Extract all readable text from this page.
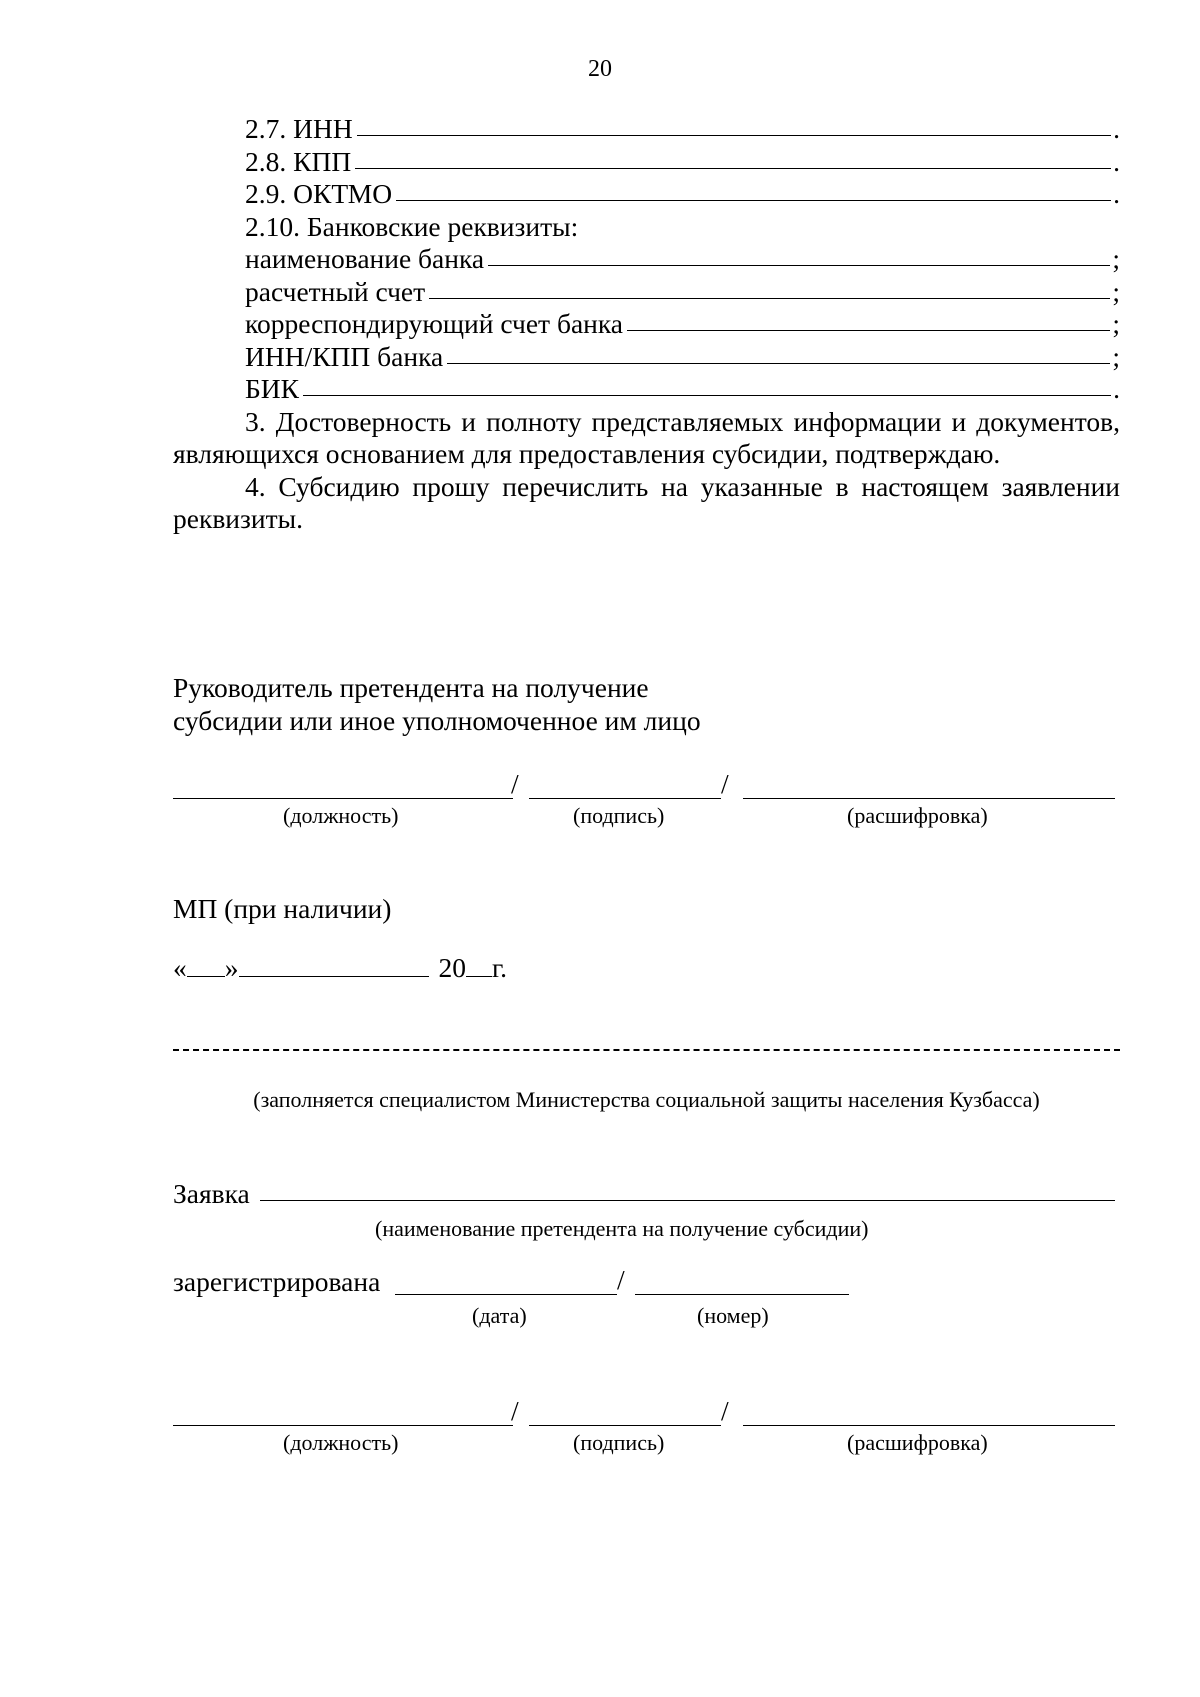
20
2.7. ИНН	.
2.8. КПП	.
2.9. ОКТМО	.
2.10. Банковские реквизиты:
наименование банка	;
расчетный счет	;
корреспондирующий счет банка	;
ИНН/КПП банка	;
БИК	.

3. Достоверность и полноту представляемых информации и документов, являющихся основанием для предоставления субсидии, подтверждаю.

4. Субсидию прошу перечислить на указанные в настоящем заявлении реквизиты.

Руководитель претендента на получение
субсидии или иное уполномоченное им лицо
/	/
(должность)	(подпись)	(расшифровка)
МП (при наличии)
« »	20 г.
(заполняется специалистом Министерства социальной защиты населения Кузбасса)
Заявка
(наименование претендента на получение субсидии)
зарегистрирована	/
(дата)	(номер)
/	/
(должность)	(подпись)	(расшифровка)
